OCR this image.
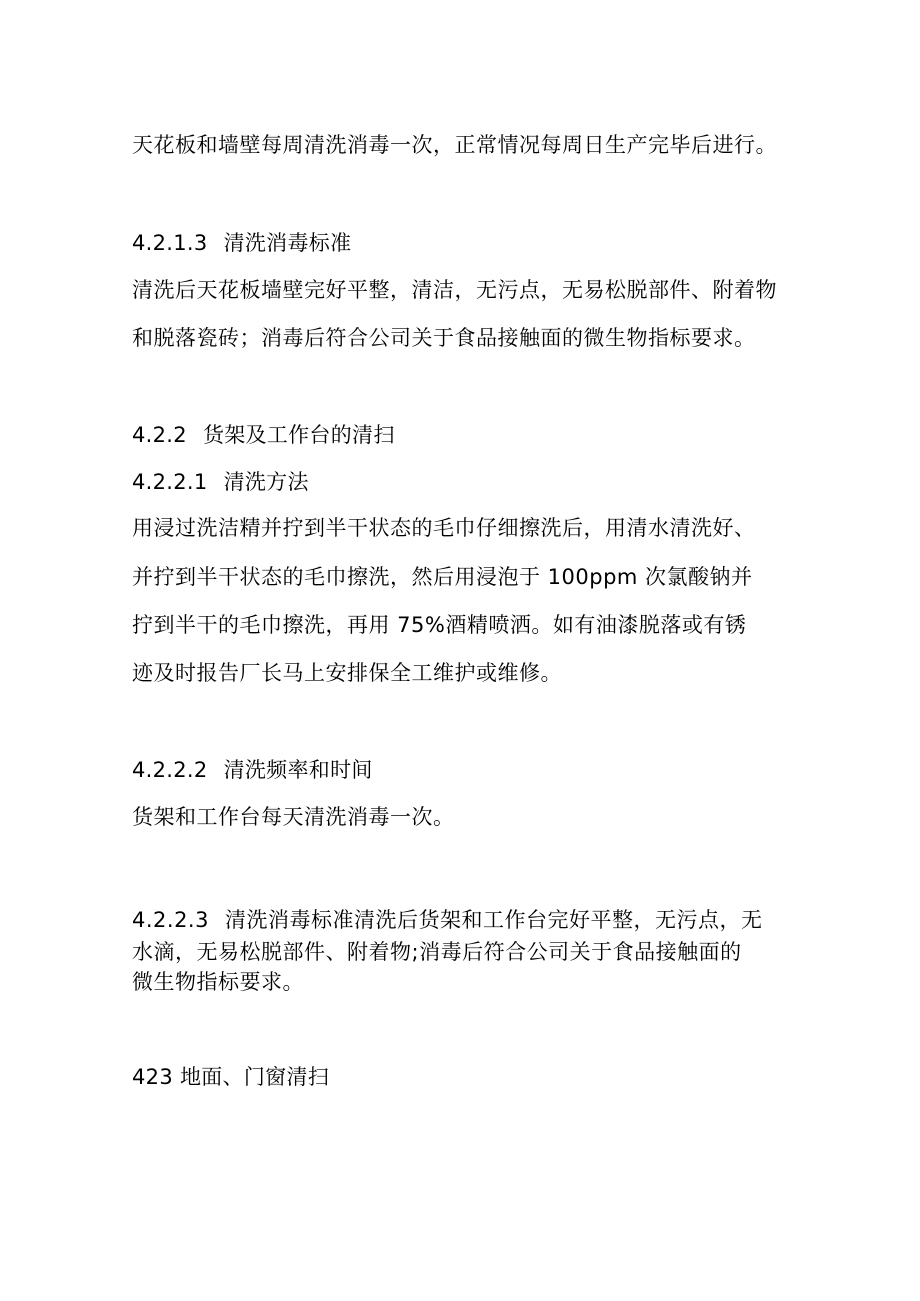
天花板和墙壁每周清洗消毒一次，正常情况每周日生产完毕后进行。
4.2.1.3 清洗消毒标准
清洗后天花板墙壁完好平整，清洁，无污点，无易松脱部件、附着物
和脱落瓷砖；消毒后符合公司关于食品接触面的微生物指标要求。
4.2.2 货架及工作台的清扫
4.2.2.1 清洗方法
用浸过洗洁精并拧到半干状态的毛巾仔细擦洗后，用清水清洗好、
并拧到半干状态的毛巾擦洗，然后用浸泡于 100ppm 次氯酸钠并
拧到半干的毛巾擦洗，再用 75%酒精喷洒。如有油漆脱落或有锈
迹及时报告厂长马上安排保全工维护或维修。
4.2.2.2 清洗频率和时间
货架和工作台每天清洗消毒一次。
4.2.2.3 清洗消毒标准清洗后货架和工作台完好平整，无污点，无
水滴，无易松脱部件、附着物;消毒后符合公司关于食品接触面的
微生物指标要求。
423 地面、门窗清扫
